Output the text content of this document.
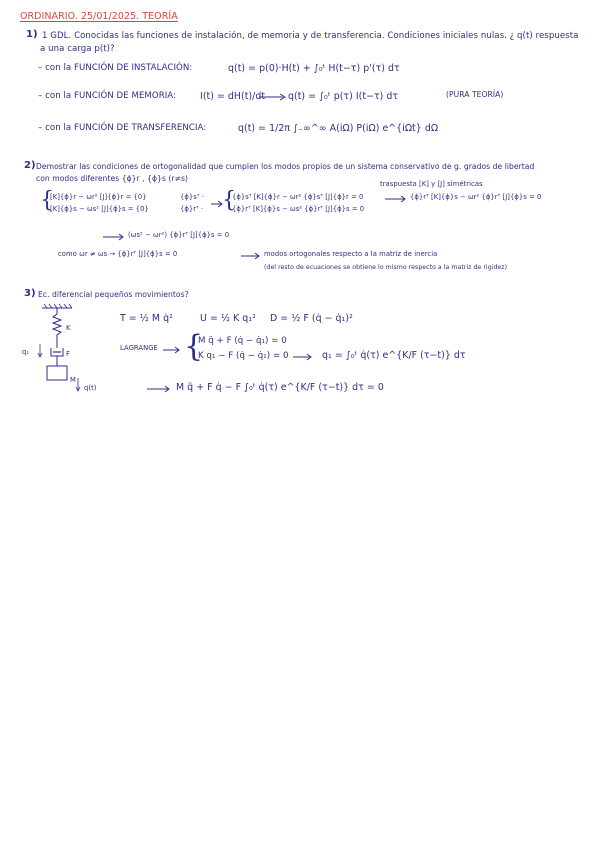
ORDINARIO. 25/01/2025. TEORÍA
1) 1 GDL. Conocidas las funciones de instalación, de memoria y de transferencia. Condiciones iniciales nulas. ¿ q(t) respuesta
a una carga p(t)?
– con la FUNCIÓN DE INSTALACIÓN:	q(t) = p(0)·H(t) + ∫₀ᵗ H(t−τ) p'(τ) dτ
– con la FUNCIÓN DE MEMORIA:	I(t) = dH(t)/dt q(t) = ∫₀ᵗ p(τ) I(t−τ) dτ	(PURA TEORÍA)
– con la FUNCIÓN DE TRANSFERENCIA:	q(t) = 1/2π ∫₋∞^∞ A(iΩ) P(iΩ) e^{iΩt} dΩ
2) Demostrar las condiciones de ortogonalidad que cumplen los modos propios de un sistema conservativo de g. grados de libertad
con modos diferentes {ϕ}r , {ϕ}s (r≠s)
{
[K]{ϕ}r − ωr² [J]{ϕ}r = {0}
[K]{ϕ}s − ωs² [J]{ϕ}s = {0}
{ϕ}sᵀ ·
{ϕ}rᵀ · {
{ϕ}sᵀ [K]{ϕ}r − ωr² {ϕ}sᵀ [J]{ϕ}r = 0
{ϕ}rᵀ [K]{ϕ}s − ωs² {ϕ}rᵀ [J]{ϕ}s = 0
traspuesta [K] y [J] simétricas
{ϕ}rᵀ [K]{ϕ}s − ωr² {ϕ}rᵀ [J]{ϕ}s = 0
(ωs² − ωr²) {ϕ}rᵀ [J]{ϕ}s = 0
como ωr ≠ ωs → {ϕ}rᵀ [J]{ϕ}s = 0	modos ortogonales respecto a la matriz de inercia
(del resto de ecuaciones se obtiene lo mismo respecto a la matriz de rigidez)
3) Ec. diferencial pequeños movimientos?
K
F
q₁
M
q(t)
T = ½ M q̇²	U = ½ K q₁² D = ½ F (q̇ − q̇₁)²
LAGRANGE {
M q̈ + F (q̇ − q̇₁) = 0
K q₁ − F (q̇ − q̇₁) = 0	q₁ = ∫₀ᵗ q̇(τ) e^{K/F (τ−t)} dτ
M q̈ + F q̇ − F ∫₀ᵗ q̇(τ) e^{K/F (τ−t)} dτ = 0
